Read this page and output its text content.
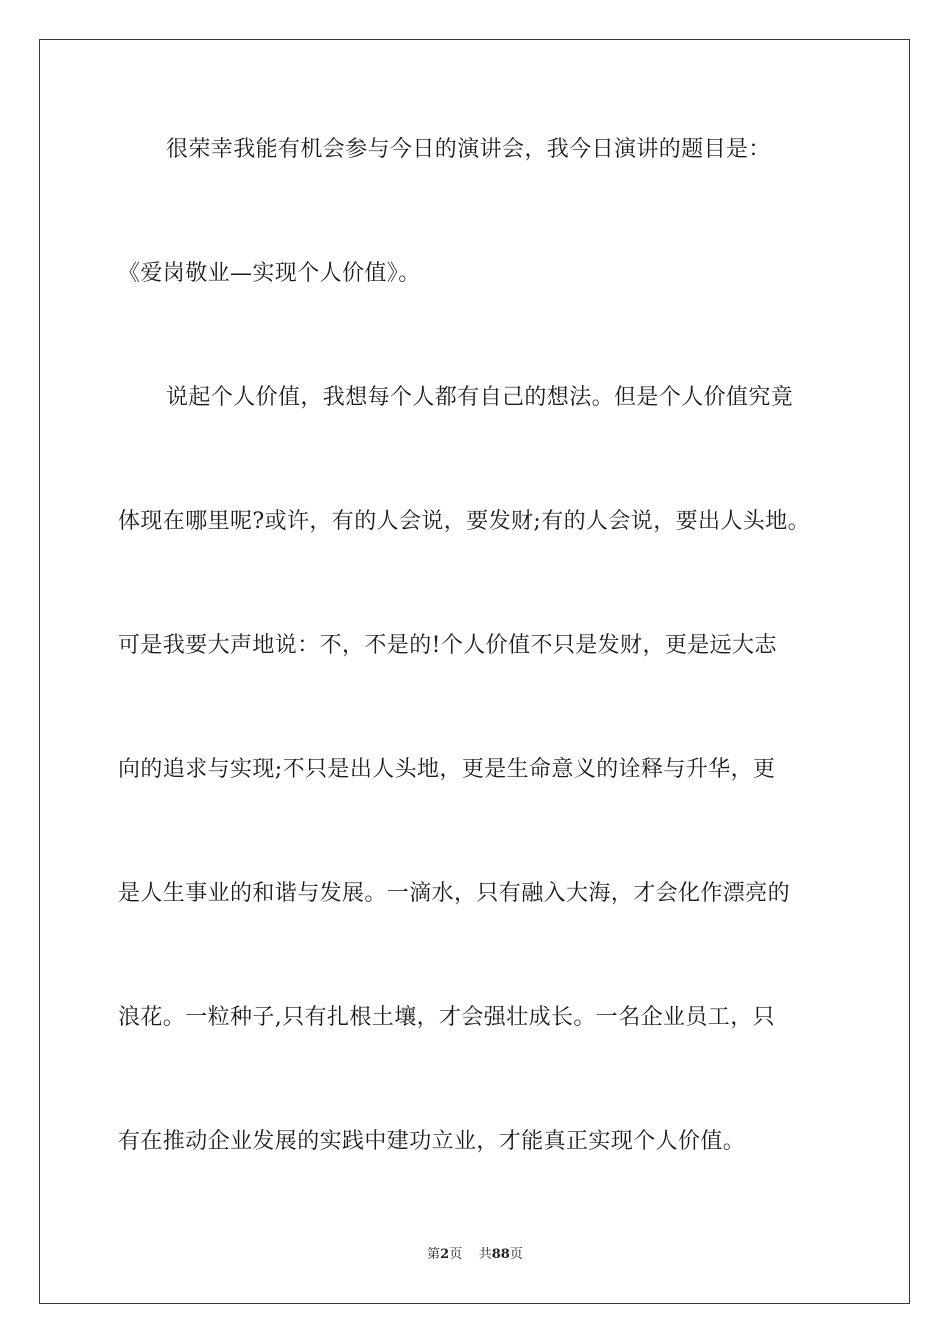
很荣幸我能有机会参与今日的演讲会，我今日演讲的题目是：
《爱岗敬业—实现个人价值》。
说起个人价值，我想每个人都有自己的想法。但是个人价值究竟
体现在哪里呢?或许，有的人会说，要发财;有的人会说，要出人头地。
可是我要大声地说：不，不是的!个人价值不只是发财，更是远大志
向的追求与实现;不只是出人头地，更是生命意义的诠释与升华，更
是人生事业的和谐与发展。一滴水，只有融入大海，才会化作漂亮的
浪花。一粒种子,只有扎根土壤，才会强壮成长。一名企业员工，只
有在推动企业发展的实践中建功立业，才能真正实现个人价值。
第2页 共88页
